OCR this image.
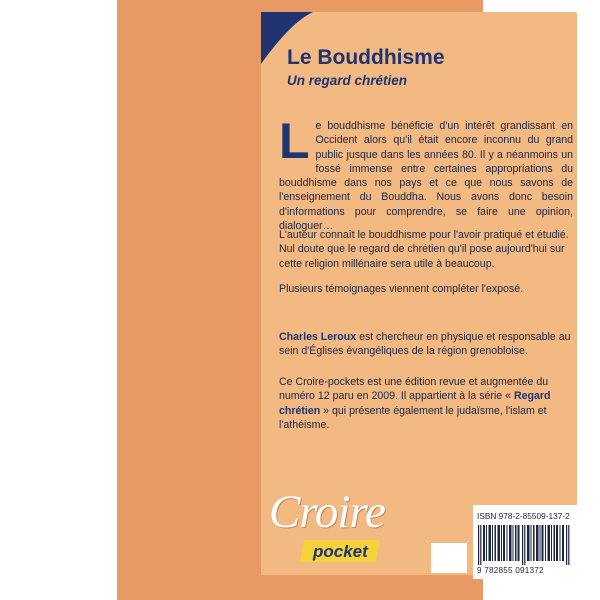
Le Bouddhisme
Un regard chrétien
Le bouddhisme bénéficie d'un intérêt grandissant en Occident alors qu'il était encore inconnu du grand public jusque dans les années 80. Il y a néanmoins un fossé immense entre certaines appropriations du bouddhisme dans nos pays et ce que nous savons de l'enseignement du Bouddha. Nous avons donc besoin d'informations pour comprendre, se faire une opinion, dialoguer…
L'auteur connaît le bouddhisme pour l'avoir pratiqué et étudié. Nul doute que le regard de chrétien qu'il pose aujourd'hui sur cette religion millénaire sera utile à beaucoup.
Plusieurs témoignages viennent compléter l'exposé.
Charles Leroux est chercheur en physique et responsable au sein d'Églises évangéliques de la région grenobloise.
Ce Croire-pockets est une édition revue et augmentée du numéro 12 paru en 2009. Il appartient à la série « Regard chrétien » qui présente également le judaïsme, l'islam et l'athéisme.
Croire
pocket
ISBN 978-2-85509-137-2
9 782855 091372
